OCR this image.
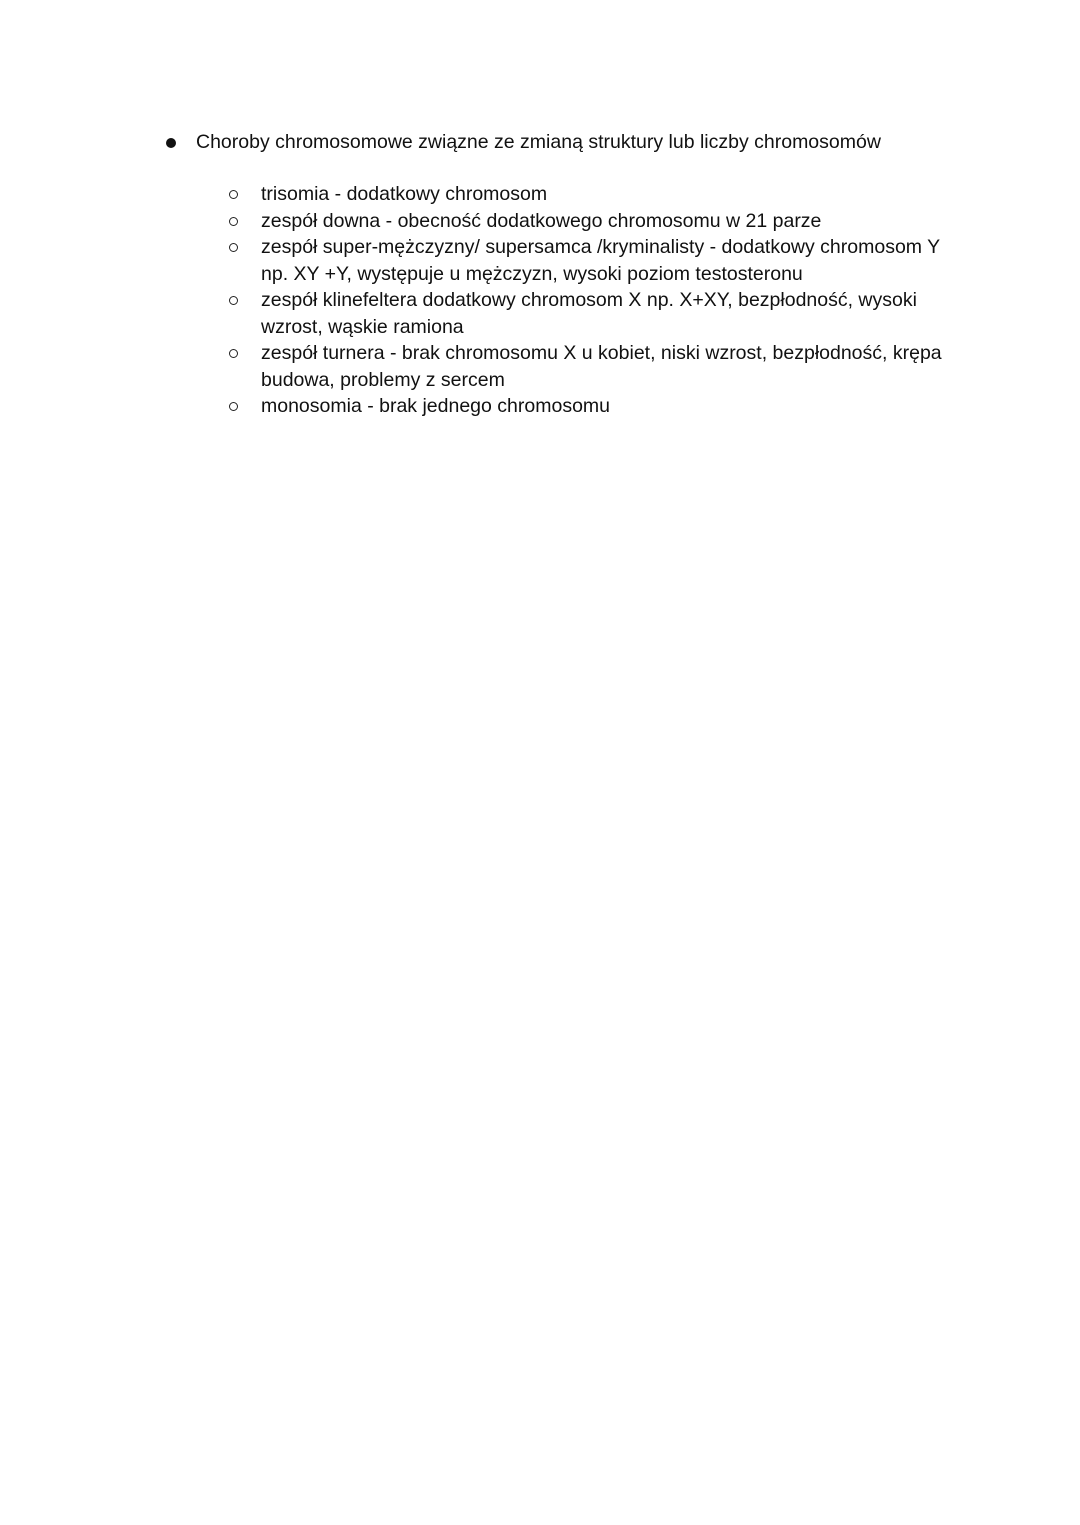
Choroby chromosomowe związne ze zmianą struktury lub liczby chromosomów
trisomia - dodatkowy chromosom
zespół downa - obecność dodatkowego chromosomu w 21 parze
zespół super-mężczyzny/ supersamca /kryminalisty - dodatkowy chromosom Y np. XY +Y, występuje u mężczyzn, wysoki poziom testosteronu
zespół klinefeltera dodatkowy chromosom X np. X+XY, bezpłodność, wysoki wzrost, wąskie ramiona
zespół turnera - brak chromosomu X u kobiet, niski wzrost, bezpłodność, krępa budowa, problemy z sercem
monosomia - brak jednego chromosomu
